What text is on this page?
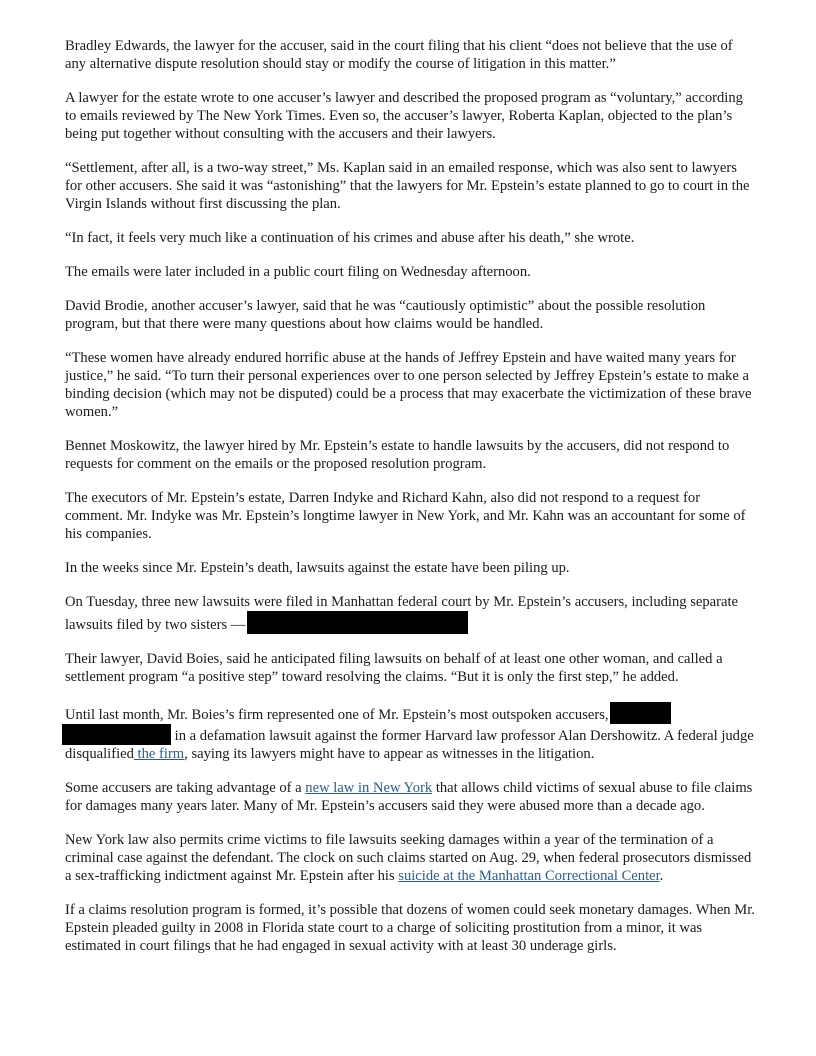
Bradley Edwards, the lawyer for the accuser, said in the court filing that his client “does not believe that the use of any alternative dispute resolution should stay or modify the course of litigation in this matter.”

A lawyer for the estate wrote to one accuser’s lawyer and described the proposed program as “voluntary,” according to emails reviewed by The New York Times. Even so, the accuser’s lawyer, Roberta Kaplan, objected to the plan’s being put together without consulting with the accusers and their lawyers.

“Settlement, after all, is a two-way street,” Ms. Kaplan said in an emailed response, which was also sent to lawyers for other accusers. She said it was “astonishing” that the lawyers for Mr. Epstein’s estate planned to go to court in the Virgin Islands without first discussing the plan.

“In fact, it feels very much like a continuation of his crimes and abuse after his death,” she wrote.

The emails were later included in a public court filing on Wednesday afternoon.

David Brodie, another accuser’s lawyer, said that he was “cautiously optimistic” about the possible resolution program, but that there were many questions about how claims would be handled.

“These women have already endured horrific abuse at the hands of Jeffrey Epstein and have waited many years for justice,” he said. “To turn their personal experiences over to one person selected by Jeffrey Epstein’s estate to make a binding decision (which may not be disputed) could be a process that may exacerbate the victimization of these brave women.”

Bennet Moskowitz, the lawyer hired by Mr. Epstein’s estate to handle lawsuits by the accusers, did not respond to requests for comment on the emails or the proposed resolution program.

The executors of Mr. Epstein’s estate, Darren Indyke and Richard Kahn, also did not respond to a request for comment. Mr. Indyke was Mr. Epstein’s longtime lawyer in New York, and Mr. Kahn was an accountant for some of his companies.

In the weeks since Mr. Epstein’s death, lawsuits against the estate have been piling up.

On Tuesday, three new lawsuits were filed in Manhattan federal court by Mr. Epstein’s accusers, including separate lawsuits filed by two sisters —

Their lawyer, David Boies, said he anticipated filing lawsuits on behalf of at least one other woman, and called a settlement program “a positive step” toward resolving the claims. “But it is only the first step,” he added.

Until last month, Mr. Boies’s firm represented one of Mr. Epstein’s most outspoken accusers,
in a defamation lawsuit against the former Harvard law professor Alan Dershowitz. A federal judge disqualified the firm, saying its lawyers might have to appear as witnesses in the litigation.

Some accusers are taking advantage of a new law in New York that allows child victims of sexual abuse to file claims for damages many years later. Many of Mr. Epstein’s accusers said they were abused more than a decade ago.

New York law also permits crime victims to file lawsuits seeking damages within a year of the termination of a criminal case against the defendant. The clock on such claims started on Aug. 29, when federal prosecutors dismissed a sex-trafficking indictment against Mr. Epstein after his suicide at the Manhattan Correctional Center.

If a claims resolution program is formed, it’s possible that dozens of women could seek monetary damages. When Mr. Epstein pleaded guilty in 2008 in Florida state court to a charge of soliciting prostitution from a minor, it was estimated in court filings that he had engaged in sexual activity with at least 30 underage girls.
